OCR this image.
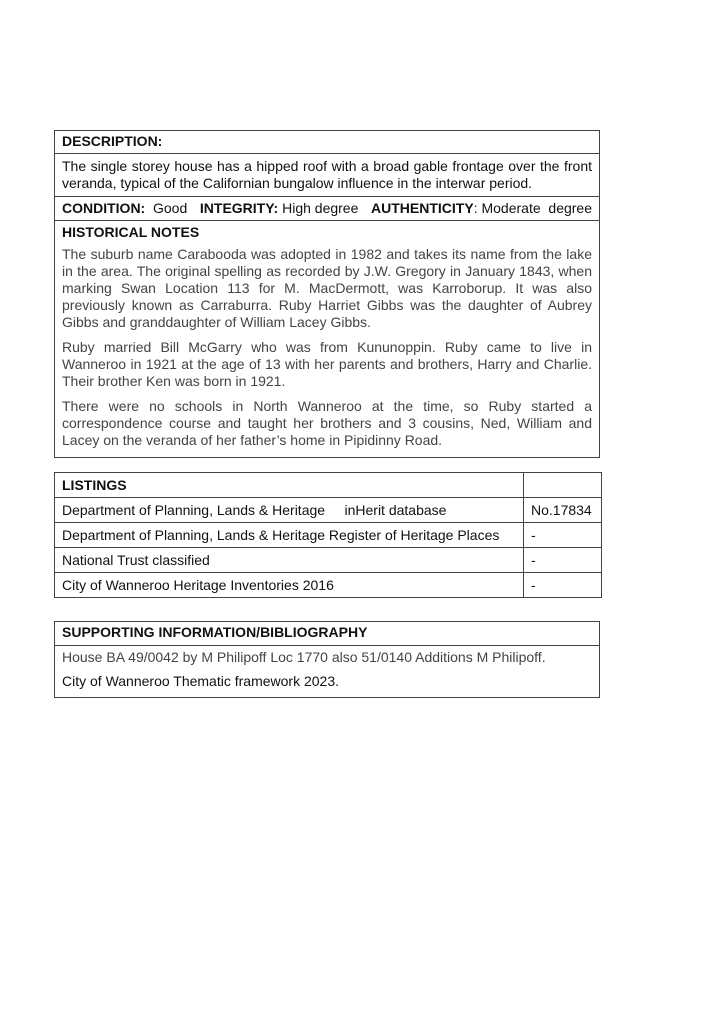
DESCRIPTION:

The single storey house has a hipped roof with a broad gable frontage over the front veranda, typical of the Californian bungalow influence in the interwar period.

CONDITION: Good INTEGRITY: High degree AUTHENTICITY: Moderate  degree
HISTORICAL NOTES

The suburb name Carabooda was adopted in 1982 and takes its name from the lake in the area. The original spelling as recorded by J.W. Gregory in January 1843, when marking Swan Location 113 for M. MacDermott, was Karroborup. It was also previously known as Carraburra. Ruby Harriet Gibbs was the daughter of Aubrey Gibbs and granddaughter of William Lacey Gibbs.

Ruby married Bill McGarry who was from Kununoppin. Ruby came to live in Wanneroo in 1921 at the age of 13 with her parents and brothers, Harry and Charlie. Their brother Ken was born in 1921.

There were no schools in North Wanneroo at the time, so Ruby started a correspondence course and taught her brothers and 3 cousins, Ned, William and Lacey on the veranda of her father’s home in Pipidinny Road.

LISTINGS	
Department of Planning, Lands & Heritage     inHerit database	No.17834
Department of Planning, Lands & Heritage Register of Heritage Places	-
National Trust classified	-
City of Wanneroo Heritage Inventories 2016	-
SUPPORTING INFORMATION/BIBLIOGRAPHY
House BA 49/0042 by M Philipoff Loc 1770 also 51/0140 Additions M Philipoff.
City of Wanneroo Thematic framework 2023.
